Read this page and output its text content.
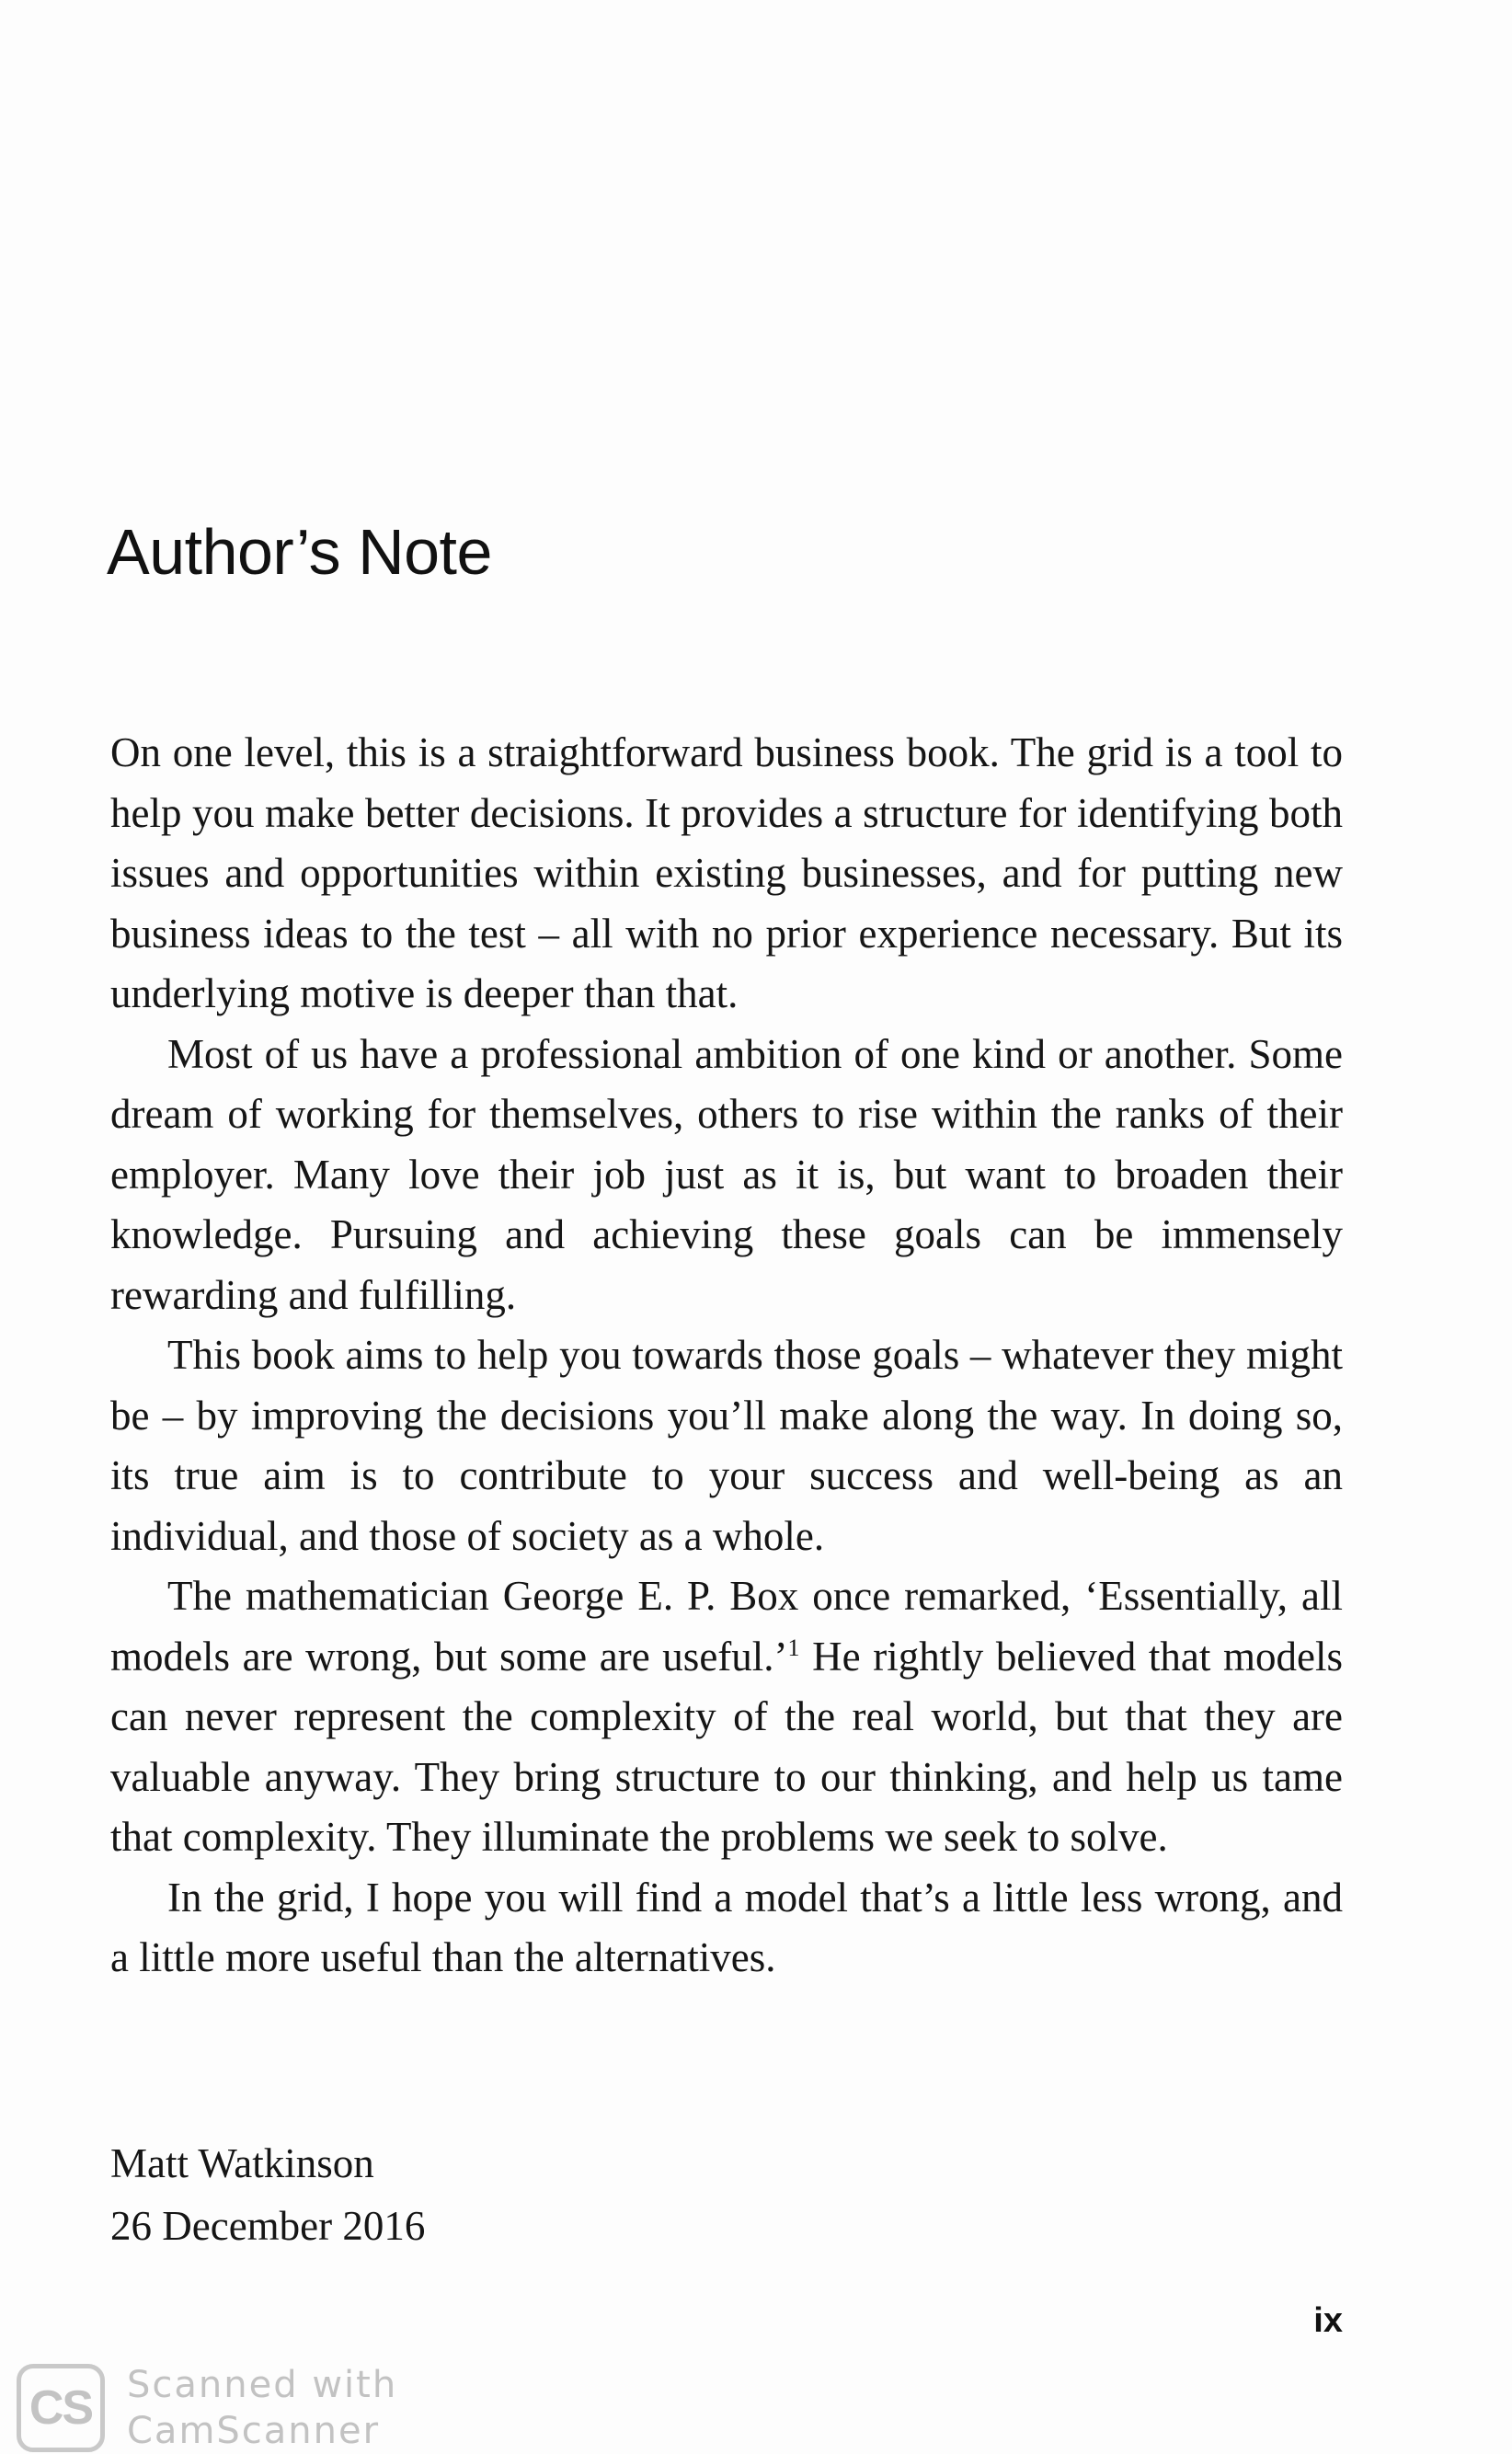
Author’s Note

On one level, this is a straightforward business book. The grid is a tool to help you make better decisions. It provides a structure for identifying both issues and opportunities within existing businesses, and for putting new business ideas to the test – all with no prior experience necessary. But its underlying motive is deeper than that.

Most of us have a professional ambition of one kind or another. Some dream of working for themselves, others to rise within the ranks of their employer. Many love their job just as it is, but want to broaden their knowledge. Pursuing and achieving these goals can be immensely rewarding and fulfilling.

This book aims to help you towards those goals – whatever they might be – by improving the decisions you’ll make along the way. In doing so, its true aim is to contribute to your success and well-being as an individual, and those of society as a whole.

The mathematician George E. P. Box once remarked, ‘Essentially, all models are wrong, but some are useful.’$^1$ He rightly believed that models can never represent the complexity of the real world, but that they are valuable anyway. They bring structure to our thinking, and help us tame that complexity. They illuminate the problems we seek to solve.

In the grid, I hope you will find a model that’s a little less wrong, and a little more useful than the alternatives.

Matt Watkinson
26 December 2016
ix
CS Scanned with
CamScanner
